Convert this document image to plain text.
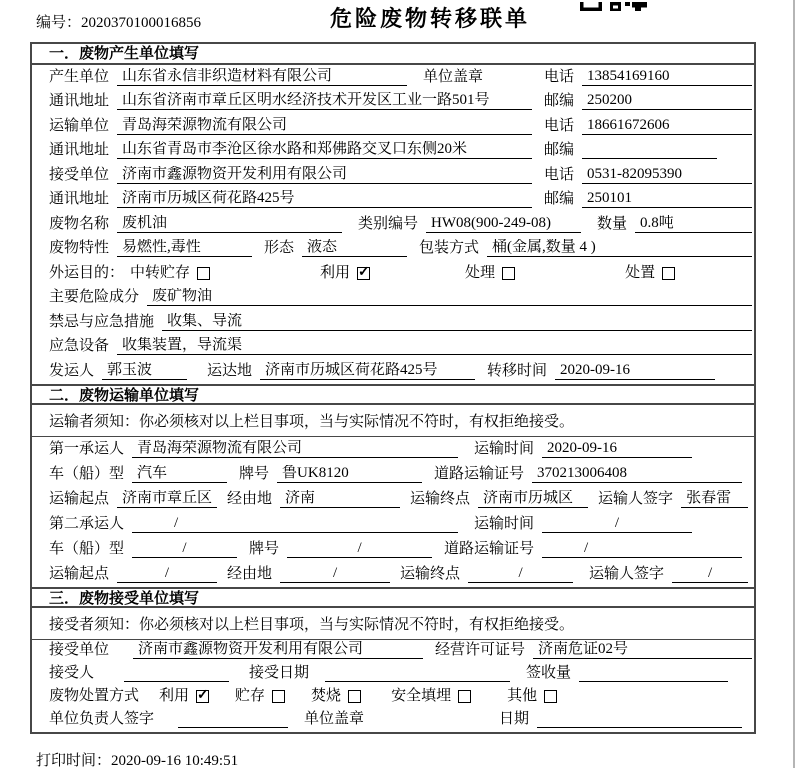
编号：2020370100016856	危险废物转移联单
一．废物产生单位填写
产生单位 山东省永信非织造材料有限公司	单位盖章	电话 13854169160
通讯地址 山东省济南市章丘区明水经济技术开发区工业一路501号	邮编 250200
运输单位 青岛海荣源物流有限公司	电话 18661672606
通讯地址 山东省青岛市李沧区徐水路和郑佛路交叉口东侧20米	邮编
接受单位 济南市鑫源物资开发利用有限公司	电话 0531-82095390
通讯地址 济南市历城区荷花路425号	邮编 250101
废物名称 废机油	类别编号 HW08(900-249-08)	数量 0.8吨
废物特性 易燃性,毒性	形态 液态	包装方式 桶(金属,数量 4 )
外运目的： 中转贮存	利用 ✓	处理	处置
主要危险成分 废矿物油
禁忌与应急措施 收集、导流
应急设备 收集装置，导流渠
发运人 郭玉波	运达地 济南市历城区荷花路425号	转移时间 2020-09-16
二．废物运输单位填写
运输者须知：你必须核对以上栏目事项，当与实际情况不符时，有权拒绝接受。
第一承运人 青岛海荣源物流有限公司	运输时间 2020-09-16
车（船）型 汽车	牌号 鲁UK8120	道路运输证号 370213006408
运输起点 济南市章丘区 经由地 济南	运输终点 济南市历城区	运输人签字 张春雷
第二承运人	/	运输时间	/
车（船）型	/	牌号	/	道路运输证号	/
运输起点	/	经由地	/	运输终点	/	运输人签字	/
三．废物接受单位填写
接受者须知：你必须核对以上栏目事项，当与实际情况不符时，有权拒绝接受。
接受单位	济南市鑫源物资开发利用有限公司	经营许可证号 济南危证02号
接受人	接受日期	签收量
废物处置方式 利用 ✓	贮存	焚烧	安全填埋	其他
单位负责人签字	单位盖章	日期
打印时间：2020-09-16 10:49:51
